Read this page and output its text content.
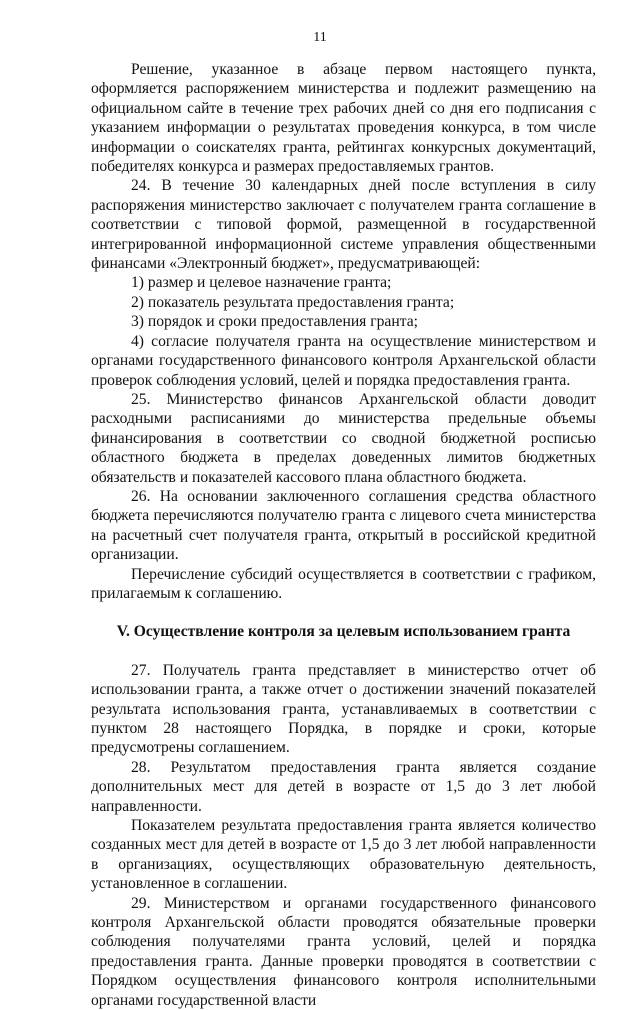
11

Решение, указанное в абзаце первом настоящего пункта, оформляется распоряжением министерства и подлежит размещению на официальном сайте в течение трех рабочих дней со дня его подписания с указанием информации о результатах проведения конкурса, в том числе информации о соискателях гранта, рейтингах конкурсных документаций, победителях конкурса и размерах предоставляемых грантов.

24. В течение 30 календарных дней после вступления в силу распоряжения министерство заключает с получателем гранта соглашение в соответствии с типовой формой, размещенной в государственной интегрированной информационной системе управления общественными финансами «Электронный бюджет», предусматривающей:

1) размер и целевое назначение гранта;

2) показатель результата предоставления гранта;

3) порядок и сроки предоставления гранта;

4) согласие получателя гранта на осуществление министерством и органами государственного финансового контроля Архангельской области проверок соблюдения условий, целей и порядка предоставления гранта.

25. Министерство финансов Архангельской области доводит расходными расписаниями до министерства предельные объемы финансирования в соответствии со сводной бюджетной росписью областного бюджета в пределах доведенных лимитов бюджетных обязательств и показателей кассового плана областного бюджета.

26. На основании заключенного соглашения средства областного бюджета перечисляются получателю гранта с лицевого счета министерства на расчетный счет получателя гранта, открытый в российской кредитной организации.

Перечисление субсидий осуществляется в соответствии с графиком, прилагаемым к соглашению.

V. Осуществление контроля за целевым использованием гранта

27. Получатель гранта представляет в министерство отчет об использовании гранта, а также отчет о достижении значений показателей результата использования гранта, устанавливаемых в соответствии с пунктом 28 настоящего Порядка, в порядке и сроки, которые предусмотрены соглашением.

28. Результатом предоставления гранта является создание дополнительных мест для детей в возрасте от 1,5 до 3 лет любой направленности.

Показателем результата предоставления гранта является количество созданных мест для детей в возрасте от 1,5 до 3 лет любой направленности в организациях, осуществляющих образовательную деятельность, установленное в соглашении.

29. Министерством и органами государственного финансового контроля Архангельской области проводятся обязательные проверки соблюдения получателями гранта условий, целей и порядка предоставления гранта. Данные проверки проводятся в соответствии с Порядком осуществления финансового контроля исполнительными органами государственной власти
